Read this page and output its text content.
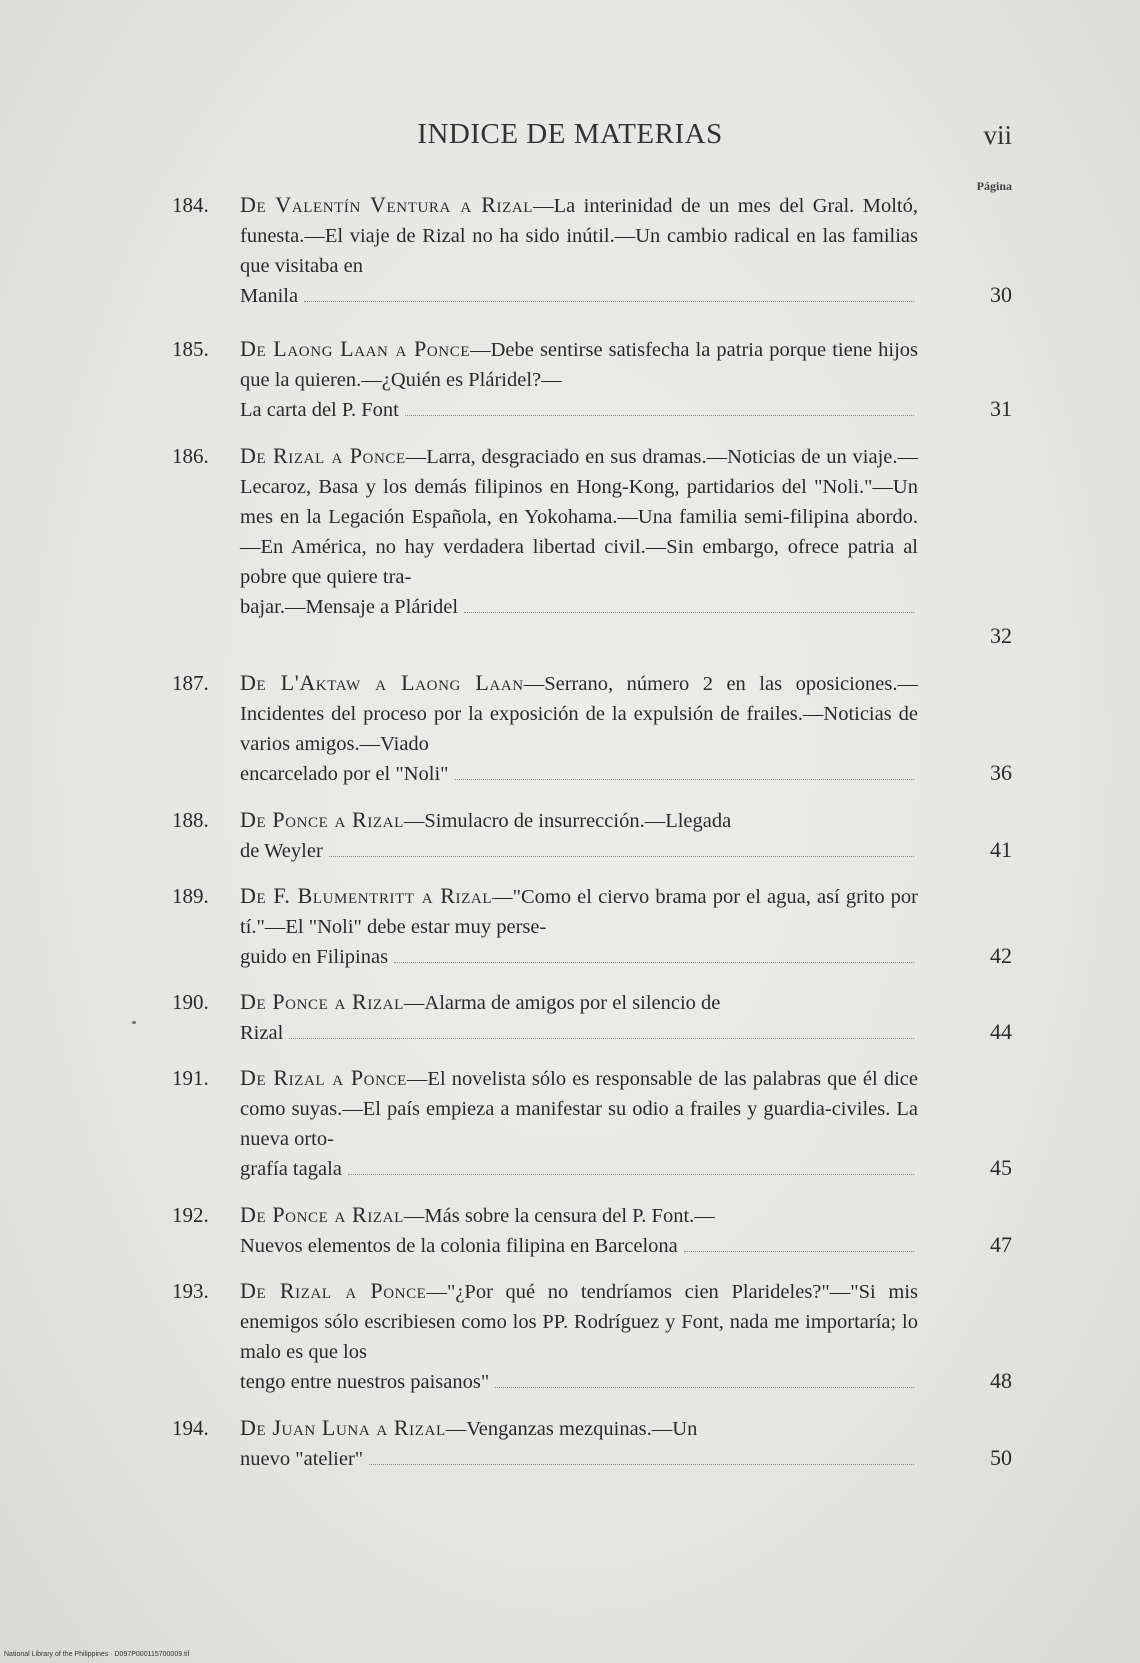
INDICE DE MATERIAS	vii
Página
184. De Valentín Ventura a Rizal—La interinidad de un mes del Gral. Moltó, funesta.—El viaje de Rizal no ha sido inútil.—Un cambio radical en las familias que visitaba en
Manila	30
185. De Laong Laan a Ponce—Debe sentirse satisfecha la patria porque tiene hijos que la quieren.—¿Quién es Pláridel?—
La carta del P. Font	31
186. De Rizal a Ponce—Larra, desgraciado en sus dramas.—Noticias de un viaje.—Lecaroz, Basa y los demás filipinos en Hong-Kong, partidarios del "Noli."—Un mes en la Legación Española, en Yokohama.—Una familia semi-filipina abordo.—En América, no hay verdadera libertad civil.—Sin embargo, ofrece patria al pobre que quiere tra-
bajar.—Mensaje a Pláridel
32
187. De L'Aktaw a Laong Laan—Serrano, número 2 en las oposiciones.—Incidentes del proceso por la exposición de la expulsión de frailes.—Noticias de varios amigos.—Viado
encarcelado por el "Noli"	36
188. De Ponce a Rizal—Simulacro de insurrección.—Llegada
de Weyler	41
189. De F. Blumentritt a Rizal—"Como el ciervo brama por el agua, así grito por tí."—El "Noli" debe estar muy perse-
guido en Filipinas	42
190. De Ponce a Rizal—Alarma de amigos por el silencio de
Rizal	44
191. De Rizal a Ponce—El novelista sólo es responsable de las palabras que él dice como suyas.—El país empieza a manifestar su odio a frailes y guardia-civiles. La nueva orto-
grafía tagala	45
192. De Ponce a Rizal—Más sobre la censura del P. Font.—
Nuevos elementos de la colonia filipina en Barcelona	47
193. De Rizal a Ponce—"¿Por qué no tendríamos cien Plarideles?"—"Si mis enemigos sólo escribiesen como los PP. Rodríguez y Font, nada me importaría; lo malo es que los
tengo entre nuestros paisanos"	48
194. De Juan Luna a Rizal—Venganzas mezquinas.—Un
nuevo "atelier"	50
National Library of the Philippines · D097P000115700009.tif
